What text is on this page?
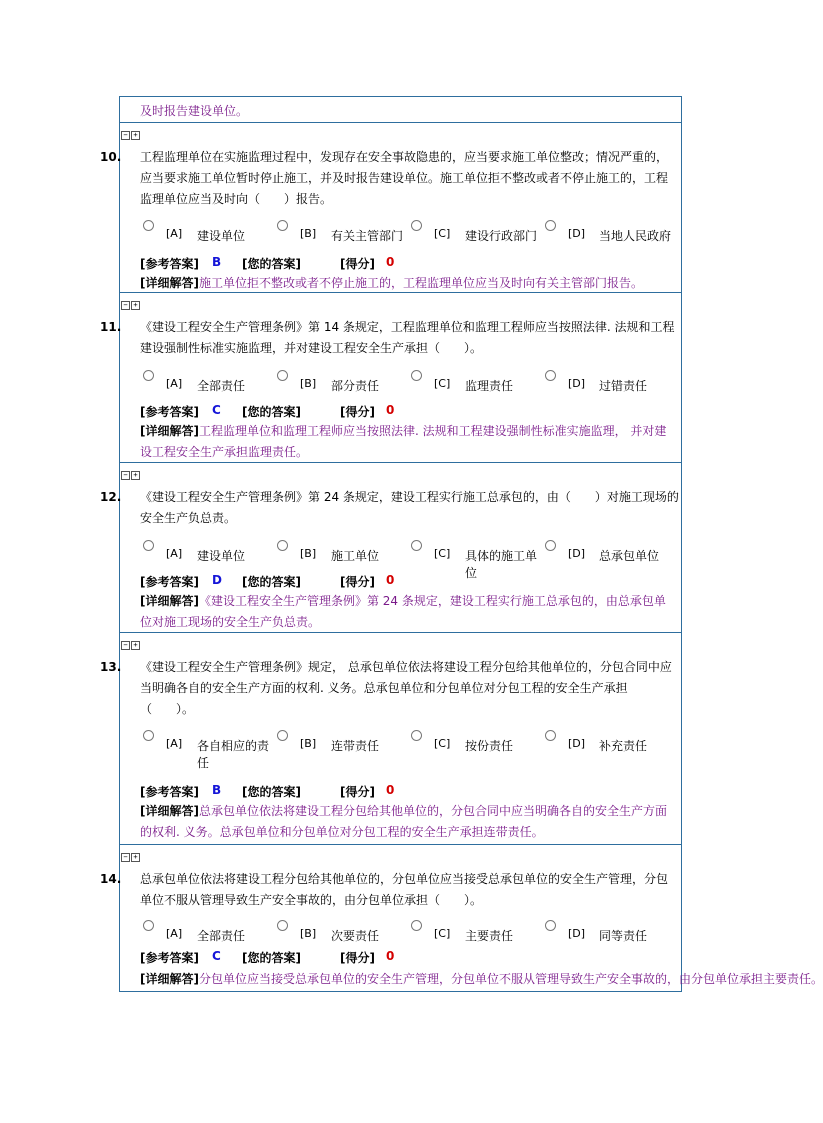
及时报告建设单位。
− +
10. 工程监理单位在实施监理过程中，发现存在安全事故隐患的，应当要求施工单位整改；情况严重的，
应当要求施工单位暂时停止施工，并及时报告建设单位。施工单位拒不整改或者不停止施工的，工程
监理单位应当及时向（　　）报告。
[A] 建设单位	[B] 有关主管部门	[C] 建设行政部门	[D] 当地人民政府
[参考答案] B [您的答案]	[得分] 0
[详细解答]施工单位拒不整改或者不停止施工的，工程监理单位应当及时向有关主管部门报告。
− +
11. 《建设工程安全生产管理条例》第 14 条规定，工程监理单位和监理工程师应当按照法律. 法规和工程
建设强制性标准实施监理，并对建设工程安全生产承担（　　）。
[A] 全部责任	[B] 部分责任	[C] 监理责任	[D] 过错责任
[参考答案] C [您的答案]	[得分] 0
[详细解答]工程监理单位和监理工程师应当按照法律. 法规和工程建设强制性标准实施监理， 并对建设工程安全生产承担监理责任。
− +
12. 《建设工程安全生产管理条例》第 24 条规定，建设工程实行施工总承包的，由（　　）对施工现场的
安全生产负总责。
[A] 建设单位	[B] 施工单位	[C] 具体的施工单位
[D] 总承包单位
[参考答案] D [您的答案]	[得分] 0
[详细解答]《建设工程安全生产管理条例》第 24 条规定，建设工程实行施工总承包的，由总承包单位对施工现场的安全生产负总责。
− +
13. 《建设工程安全生产管理条例》规定， 总承包单位依法将建设工程分包给其他单位的，分包合同中应
当明确各自的安全生产方面的权利. 义务。总承包单位和分包单位对分包工程的安全生产承担
（　　）。
[A] 各自相应的责任
[B] 连带责任	[C] 按份责任	[D] 补充责任
[参考答案] B [您的答案]	[得分] 0
[详细解答]总承包单位依法将建设工程分包给其他单位的，分包合同中应当明确各自的安全生产方面的权利. 义务。总承包单位和分包单位对分包工程的安全生产承担连带责任。
− +
14. 总承包单位依法将建设工程分包给其他单位的，分包单位应当接受总承包单位的安全生产管理，分包
单位不服从管理导致生产安全事故的，由分包单位承担（　　）。
[A] 全部责任	[B] 次要责任	[C] 主要责任	[D] 同等责任
[参考答案] C [您的答案]	[得分] 0
[详细解答]分包单位应当接受总承包单位的安全生产管理，分包单位不服从管理导致生产安全事故的，由分包单位承担主要责任。
